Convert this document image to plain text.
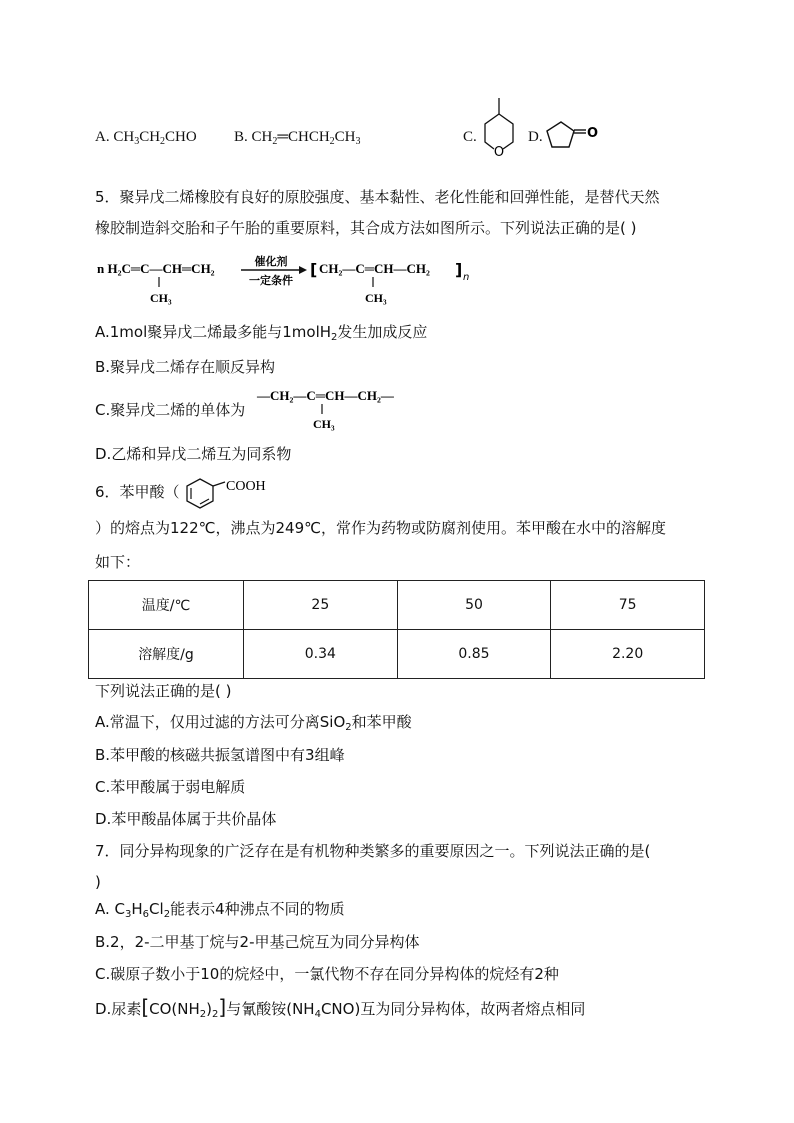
A. $CH_3CH_2CHO$ B. $CH_2═CHCH_2CH_3$	C.
O
D.	O
5．聚异戊二烯橡胶有良好的原胶强度、基本黏性、老化性能和回弹性能，是替代天然
橡胶制造斜交胎和子午胎的重要原料，其合成方法如图所示。下列说法正确的是( )
n H₂C═C—CH═CH₂
CH₃
催化剂
一定条件
[ CH₂—C═CH—CH₂
CH₃
] n
A.1mol聚异戊二烯最多能与1molH$_2$发生加成反应
B.聚异戊二烯存在顺反异构
C.聚异戊二烯的单体为
—CH₂—C═CH—CH₂—
CH₃
D.乙烯和异戊二烯互为同系物
6．苯甲酸（	COOH
）的熔点为122℃，沸点为249℃，常作为药物或防腐剂使用。苯甲酸在水中的溶解度
如下：
温度/℃	25	50	75
溶解度/g	0.34	0.85	2.20
下列说法正确的是( )
A.常温下，仅用过滤的方法可分离SiO$_2$和苯甲酸
B.苯甲酸的核磁共振氢谱图中有3组峰
C.苯甲酸属于弱电解质
D.苯甲酸晶体属于共价晶体
7．同分异构现象的广泛存在是有机物种类繁多的重要原因之一。下列说法正确的是(
)
A. $C_3H_6Cl_2$能表示4种沸点不同的物质
B.2，2-二甲基丁烷与2-甲基己烷互为同分异构体
C.碳原子数小于10的烷烃中，一氯代物不存在同分异构体的烷烃有2种
D.尿素$[CO(NH_2)_2]$与氰酸铵$(NH_4CNO)$互为同分异构体，故两者熔点相同
